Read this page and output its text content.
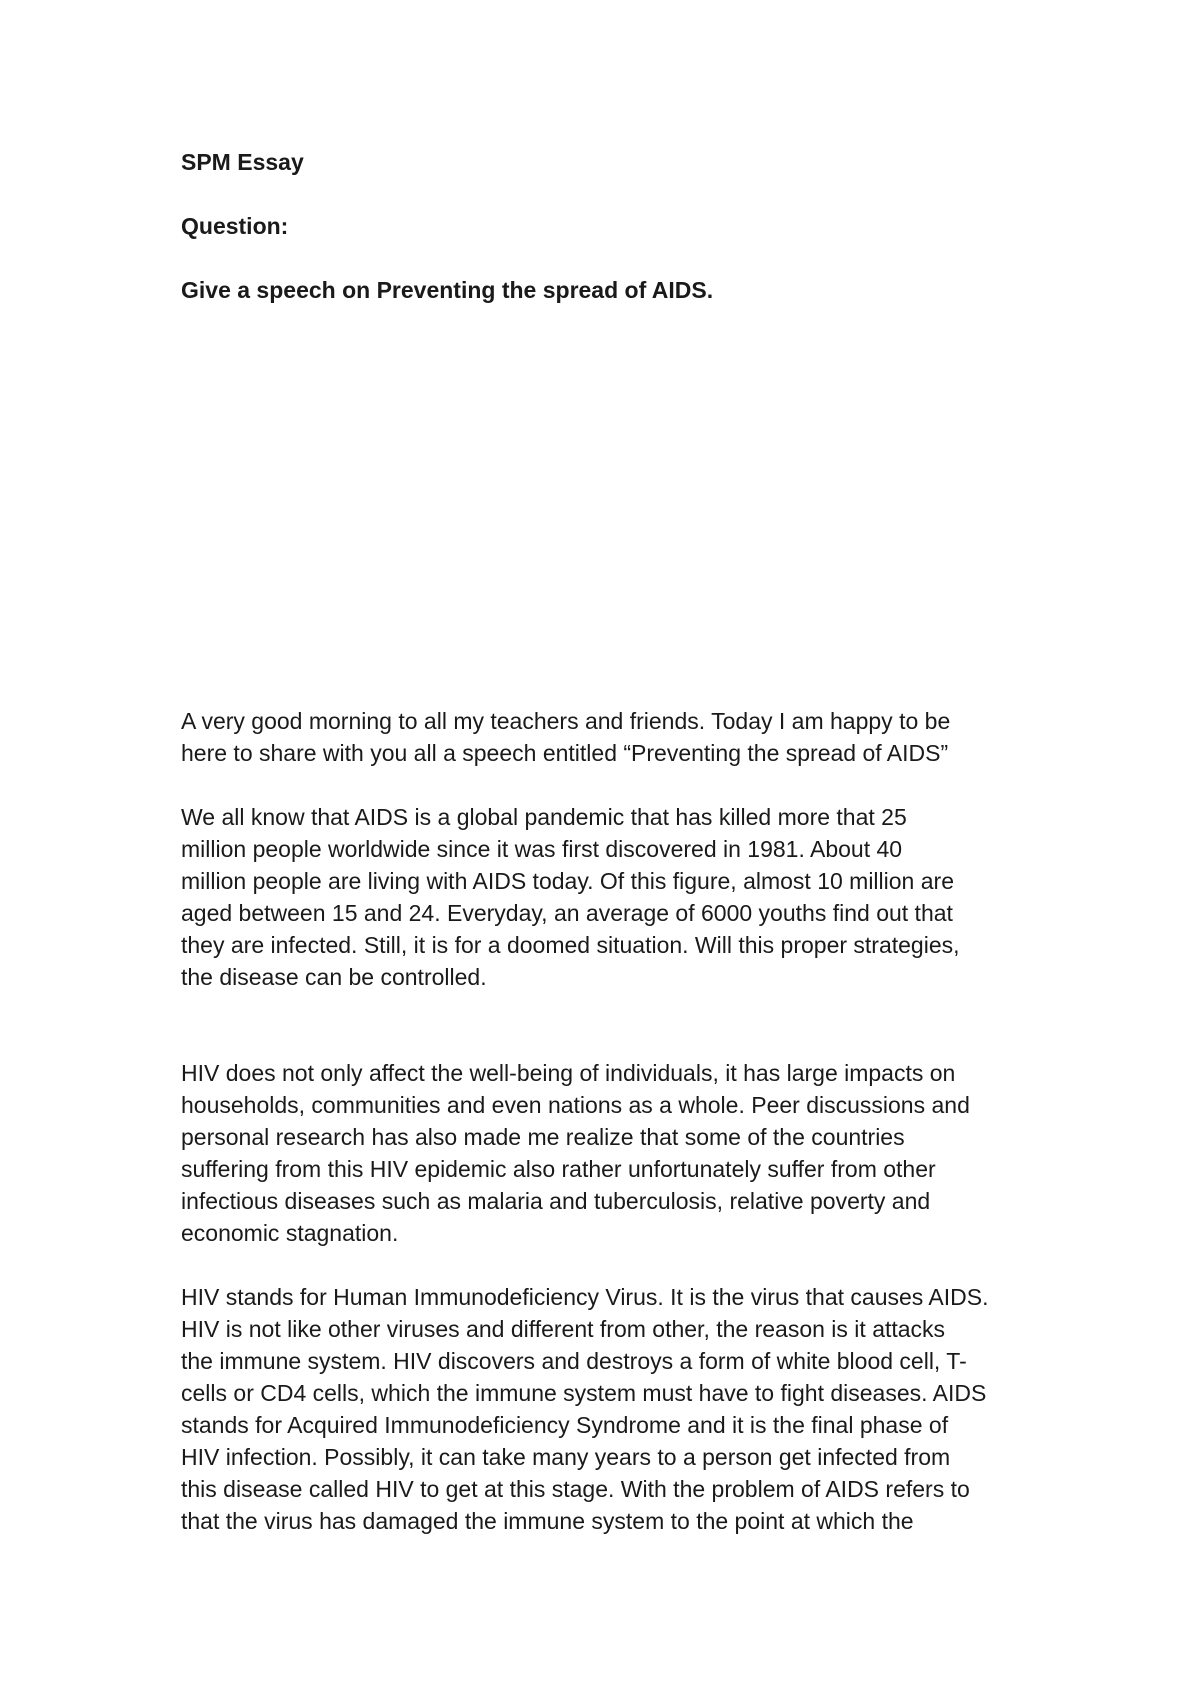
SPM Essay

Question:

Give a speech on Preventing the spread of AIDS.

A very good morning to all my teachers and friends. Today I am happy to be
here to share with you all a speech entitled “Preventing the spread of AIDS”
We all know that AIDS is a global pandemic that has killed more that 25
million people worldwide since it was first discovered in 1981. About 40
million people are living with AIDS today. Of this figure, almost 10 million are
aged between 15 and 24. Everyday, an average of 6000 youths find out that
they are infected. Still, it is for a doomed situation. Will this proper strategies,
the disease can be controlled.
HIV does not only affect the well-being of individuals, it has large impacts on
households, communities and even nations as a whole. Peer discussions and
personal research has also made me realize that some of the countries
suffering from this HIV epidemic also rather unfortunately suffer from other
infectious diseases such as malaria and tuberculosis, relative poverty and
economic stagnation.
HIV stands for Human Immunodeficiency Virus. It is the virus that causes AIDS.
HIV is not like other viruses and different from other, the reason is it attacks
the immune system. HIV discovers and destroys a form of white blood cell, T-
cells or CD4 cells, which the immune system must have to fight diseases. AIDS
stands for Acquired Immunodeficiency Syndrome and it is the final phase of
HIV infection. Possibly, it can take many years to a person get infected from
this disease called HIV to get at this stage. With the problem of AIDS refers to
that the virus has damaged the immune system to the point at which the
